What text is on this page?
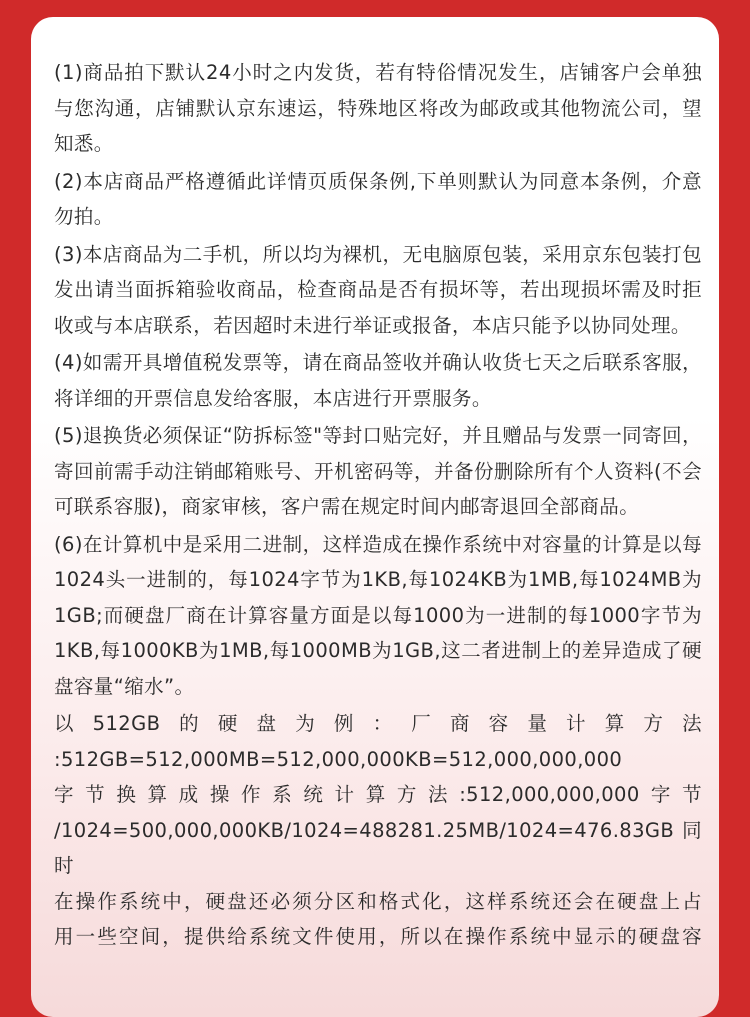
(1)商品拍下默认24小时之内发货，若有特俗情况发生，店铺客户会单独与您沟通，店铺默认京东速运，特殊地区将改为邮政或其他物流公司，望知悉。

(2)本店商品严格遵循此详情页质保条例,下单则默认为同意本条例，介意勿拍。

(3)本店商品为二手机，所以均为裸机，无电脑原包装，采用京东包装打包发出请当面拆箱验收商品，检查商品是否有损坏等，若出现损坏需及时拒收或与本店联系，若因超时未进行举证或报备，本店只能予以协同处理。

(4)如需开具增值税发票等，请在商品签收并确认收货七天之后联系客服，将详细的开票信息发给客服，本店进行开票服务。

(5)退换货必须保证“防拆标签"等封口贴完好，并且赠品与发票一同寄回，寄回前需手动注销邮箱账号、开机密码等，并备份删除所有个人资料(不会可联系容服)，商家审核，客户需在规定时间内邮寄退回全部商品。

(6)在计算机中是采用二进制，这样造成在操作系统中对容量的计算是以每1024头一进制的，每1024字节为1KB,每1024KB为1MB,每1024MB为1GB;而硬盘厂商在计算容量方面是以每1000为一进制的每1000字节为1KB,每1000KB为1MB,每1000MB为1GB,这二者进制上的差异造成了硬盘容量“缩水”。

以512GB的硬盘为例：厂商容量计算方法

:512GB=512,000MB=512,000,000KB=512,000,000,000

字节换算成操作系统计算方法:512,000,000,000字节

/1024=500,000,000KB/1024=488281.25MB/1024=476.83GB同时

在操作系统中，硬盘还必须分区和格式化，这样系统还会在硬盘上占

用一些空间，提供给系统文件使用，所以在操作系统中显示的硬盘容
